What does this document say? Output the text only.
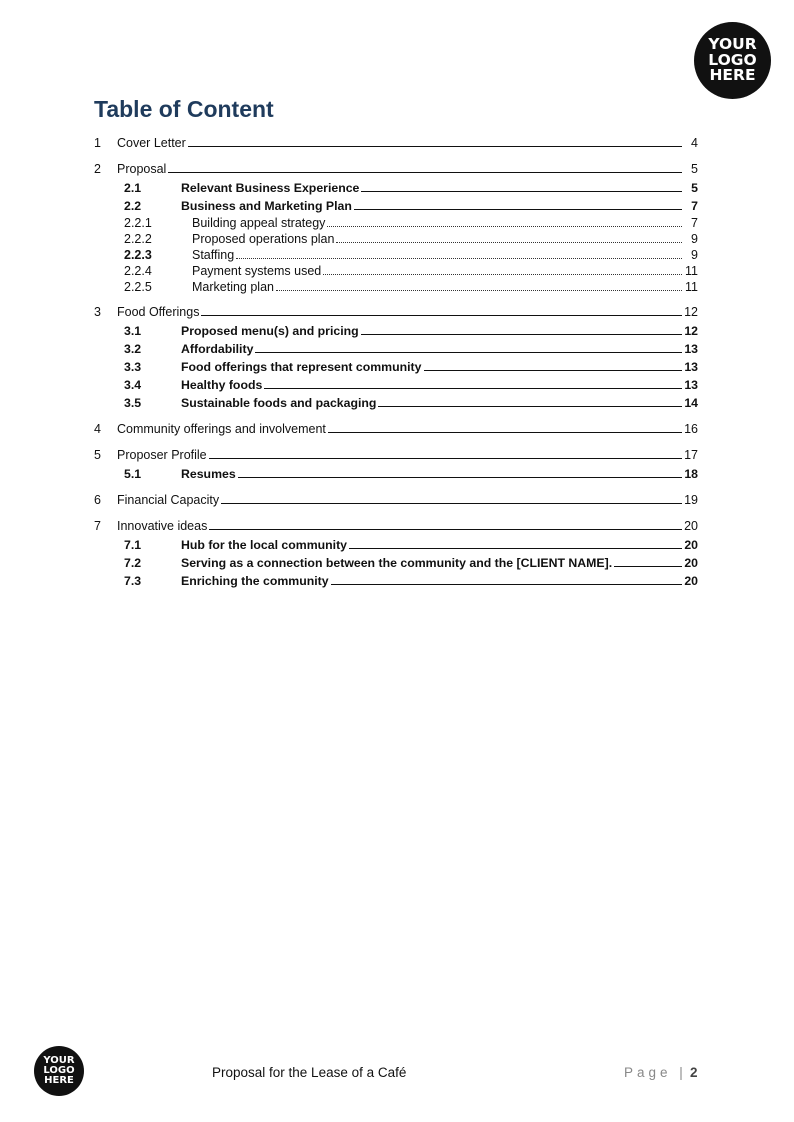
YOUR
LOGO
HERE
Table of Content
1	Cover Letter	4
2	Proposal	5
2.1	Relevant Business Experience	5
2.2	Business and Marketing Plan	7
2.2.1	Building appeal strategy	7
2.2.2	Proposed operations plan	9
2.2.3	Staffing	9
2.2.4	Payment systems used	11
2.2.5	Marketing plan	11
3	Food Offerings	12
3.1	Proposed menu(s) and pricing	12
3.2	Affordability	13
3.3	Food offerings that represent community	13
3.4	Healthy foods	13
3.5	Sustainable foods and packaging	14
4	Community offerings and involvement	16
5	Proposer Profile	17
5.1	Resumes	18
6	Financial Capacity	19
7	Innovative ideas	20
7.1	Hub for the local community	20
7.2	Serving as a connection between the community and the [CLIENT NAME].	20
7.3	Enriching the community	20
YOUR
LOGO
HERE
Proposal for the Lease of a Café	Page | 2
